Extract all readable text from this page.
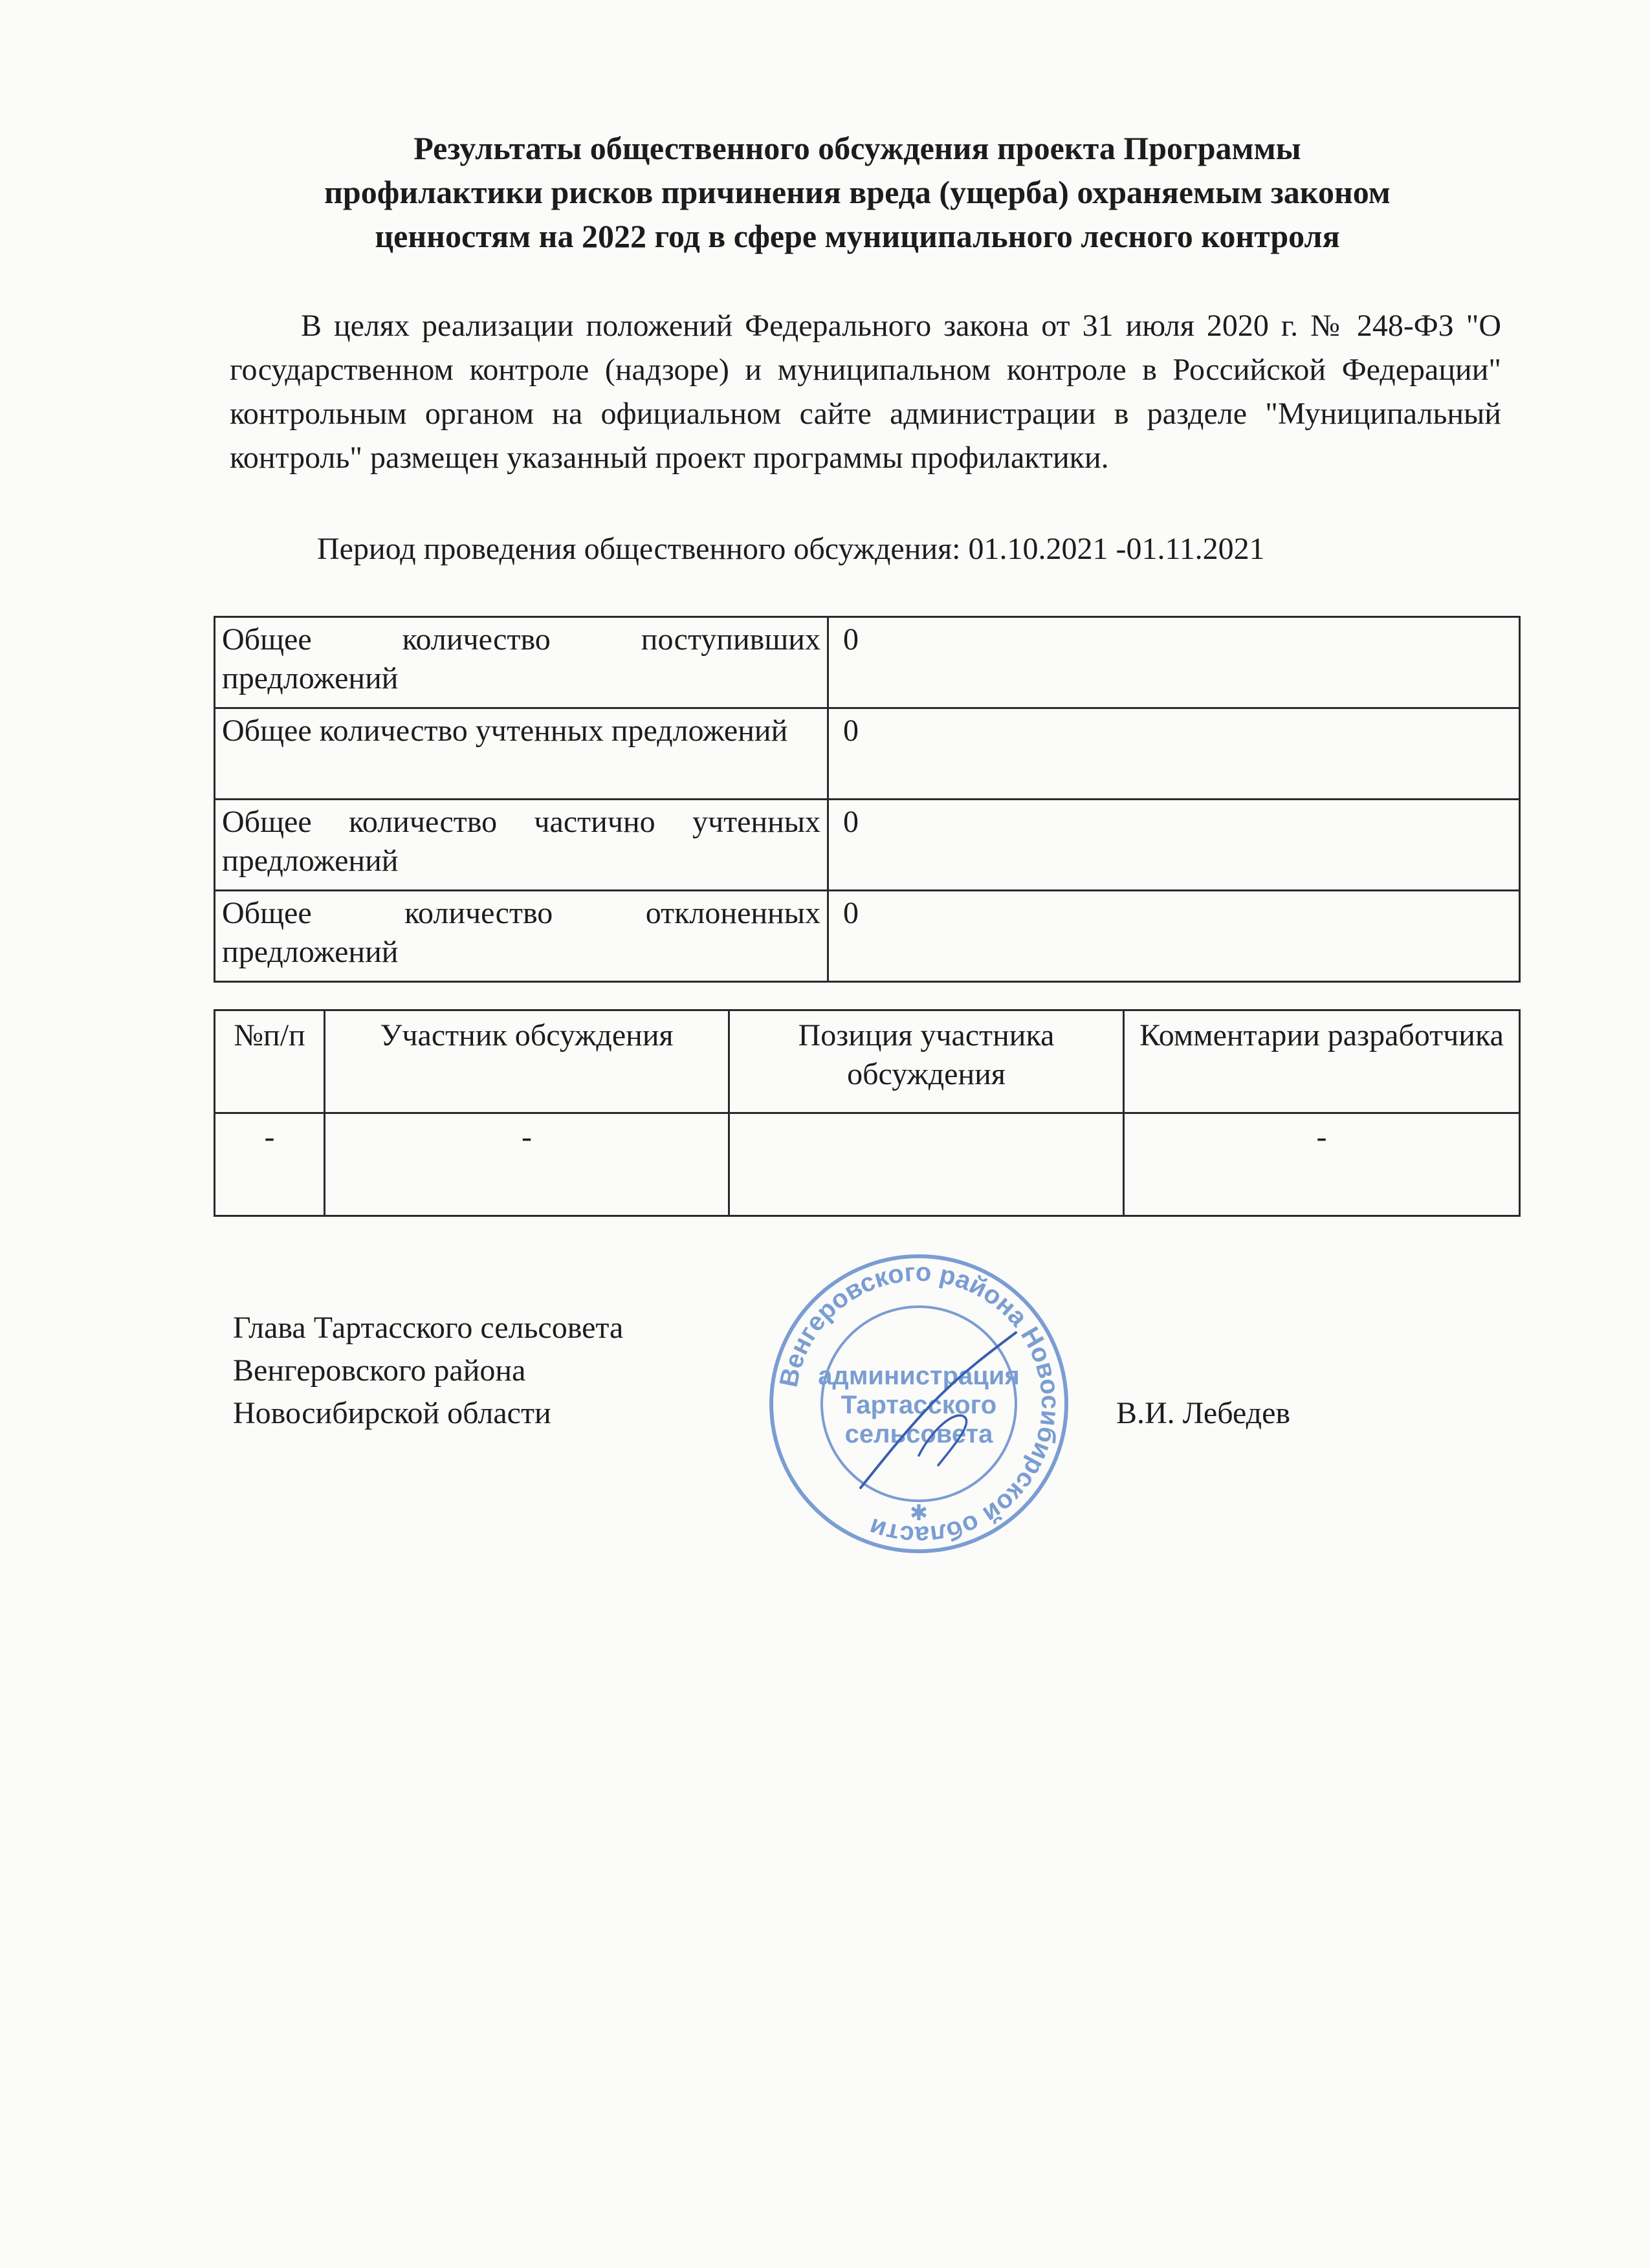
Результаты общественного обсуждения проекта Программы
профилактики рисков причинения вреда (ущерба) охраняемым законом
ценностям на 2022 год в сфере муниципального лесного контроля

В целях реализации положений Федерального закона от 31 июля 2020 г. № 248-ФЗ "О государственном контроле (надзоре) и муниципальном контроле в Российской Федерации" контрольным органом на официальном сайте администрации в разделе "Муниципальный контроль" размещен указанный проект программы профилактики.

Период проведения общественного обсуждения: 01.10.2021 -01.11.2021
Общее количество поступивших предложений	0
Общее количество учтенных предложений	0
Общее количество частично учтенных предложений	0
Общее количество отклоненных предложений	0
№п/п	Участник обсуждения	Позиция участника обсуждения	Комментарии разработчика
-	-		-
Глава Тартасского сельсовета
Венгеровского района
Новосибирской области
Венгеровского района Новосибирской области
администрация
Тартасского
сельсовета
✱
В.И. Лебедев
